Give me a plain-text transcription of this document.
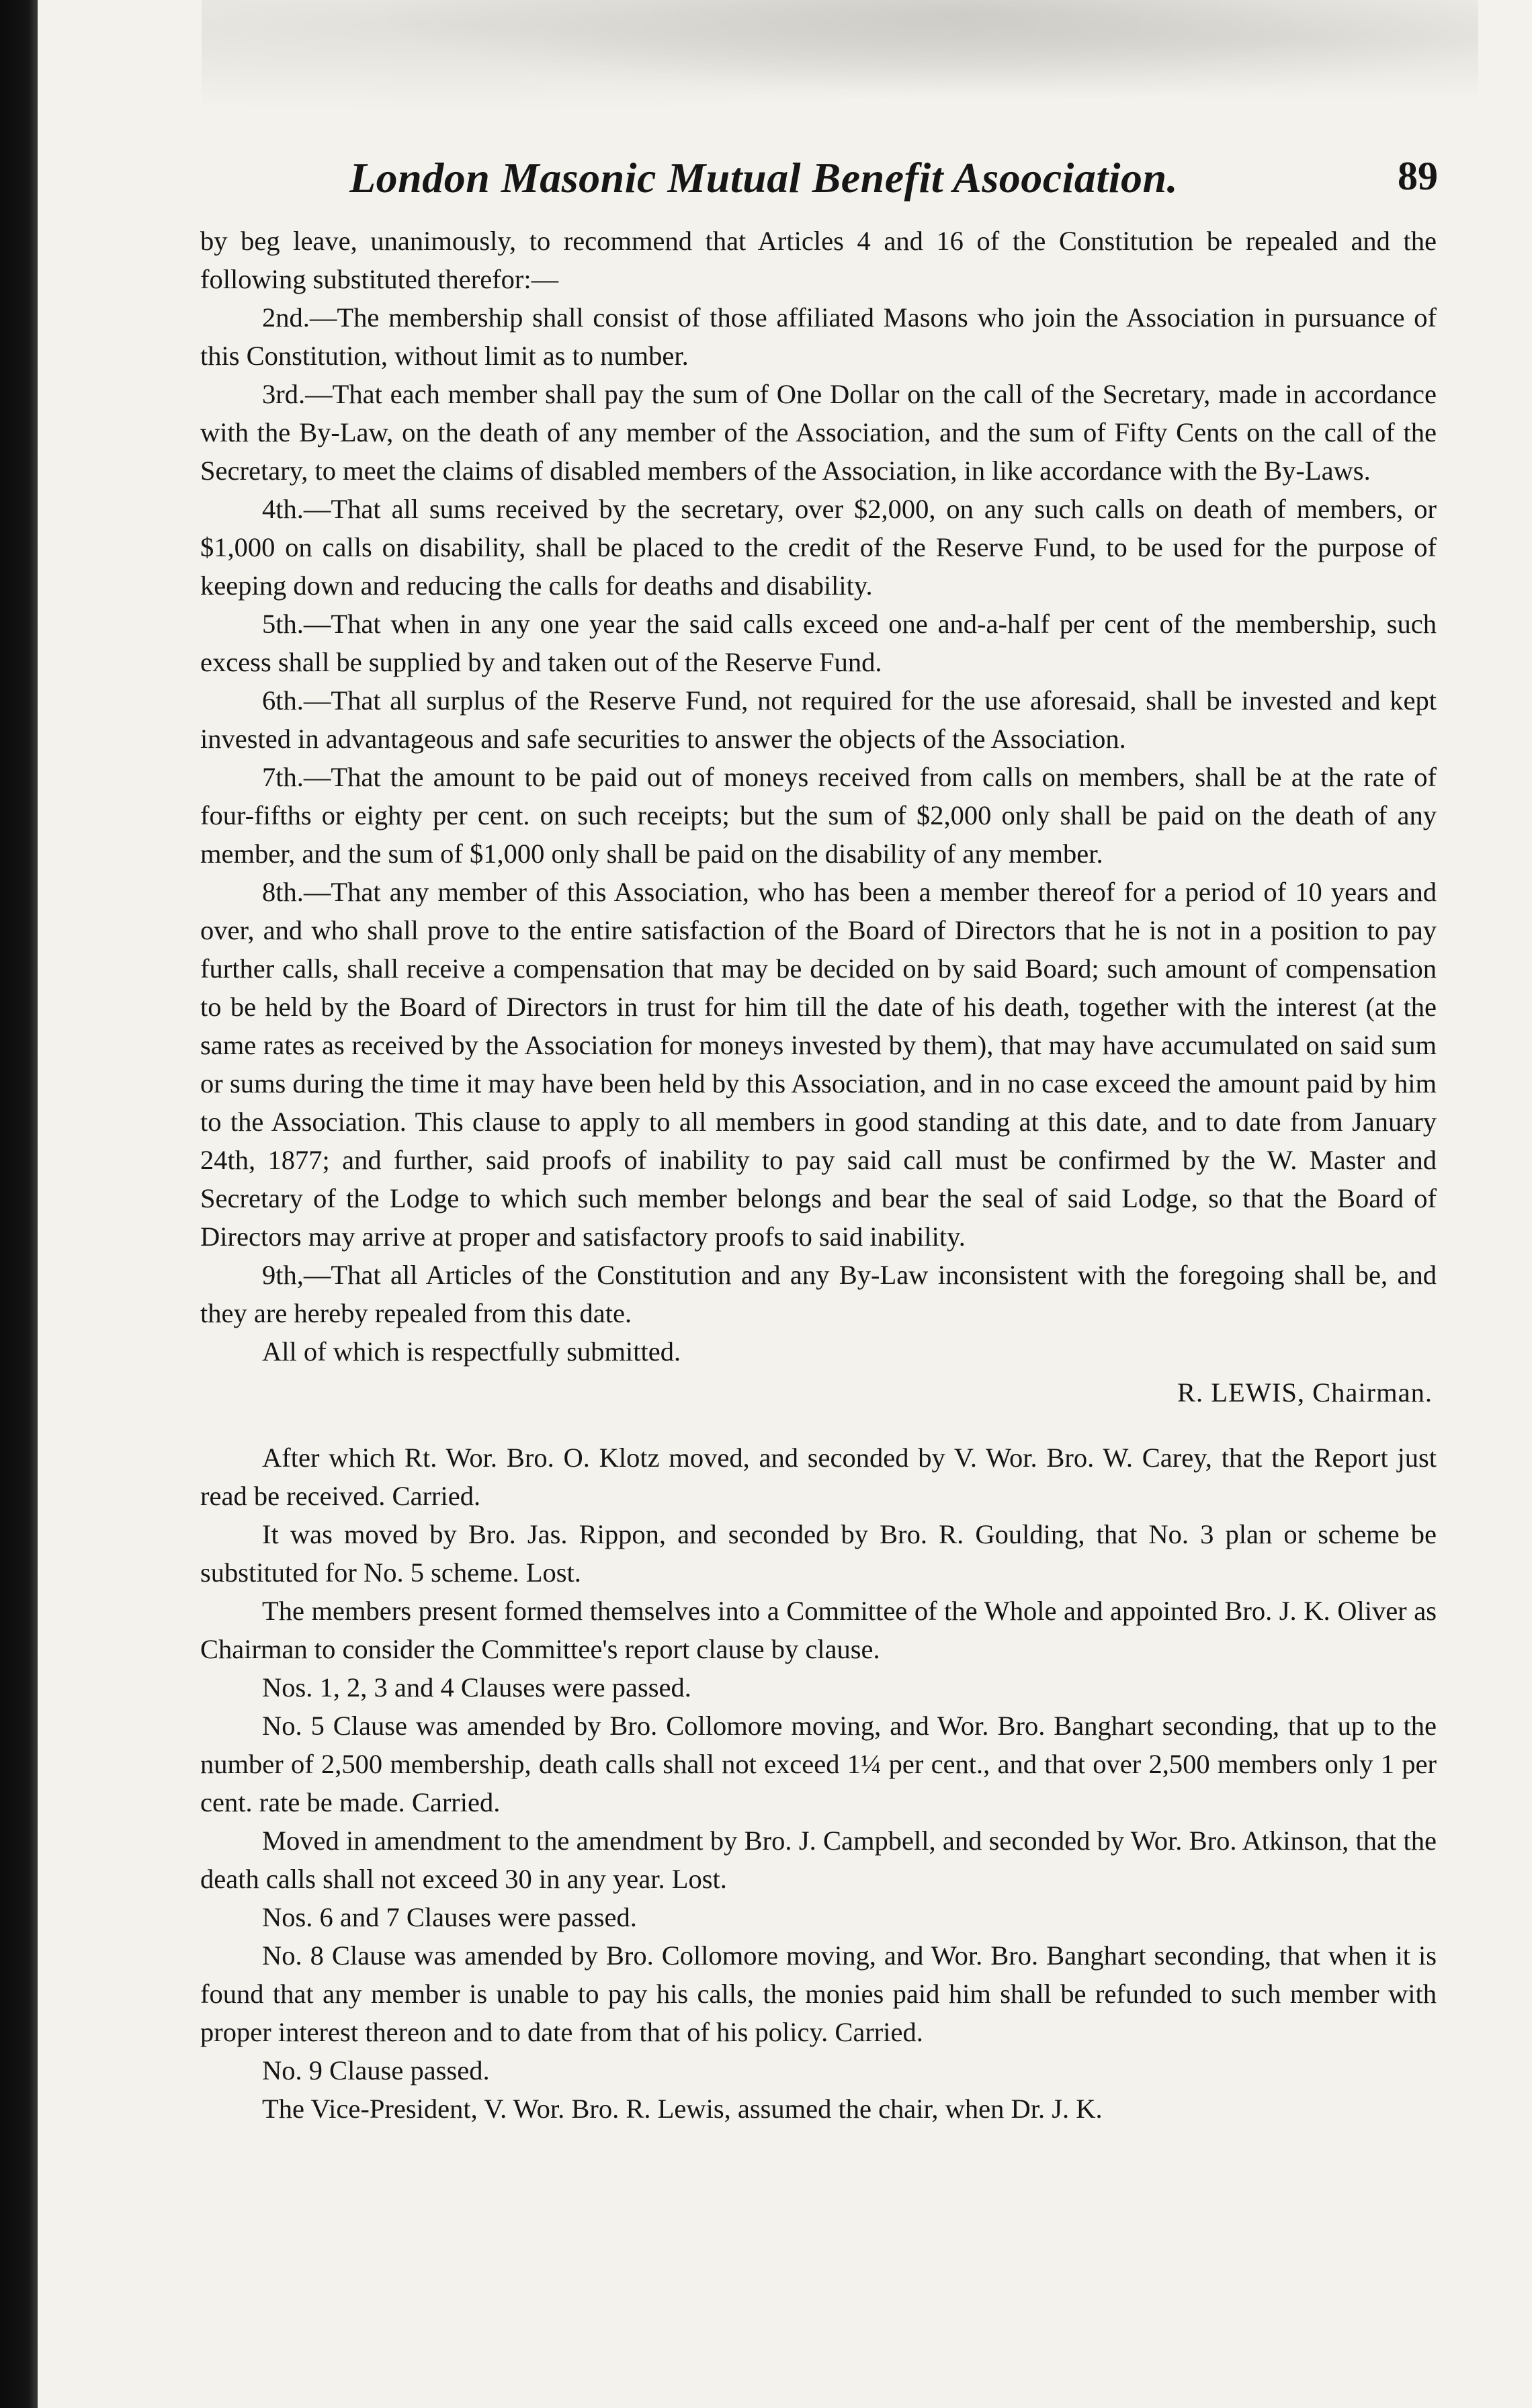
London Masonic Mutual Benefit Asoociation.	89

by beg leave, unanimously, to recommend that Articles 4 and 16 of the Constitution be repealed and the following substituted therefor:—

2nd.—The membership shall consist of those affiliated Masons who join the Association in pursuance of this Constitution, without limit as to number.

3rd.—That each member shall pay the sum of One Dollar on the call of the Secretary, made in accordance with the By-Law, on the death of any member of the Association, and the sum of Fifty Cents on the call of the Secretary, to meet the claims of disabled members of the Association, in like accordance with the By-Laws.

4th.—That all sums received by the secretary, over $2,000, on any such calls on death of members, or $1,000 on calls on disability, shall be placed to the credit of the Reserve Fund, to be used for the purpose of keeping down and reducing the calls for deaths and disability.

5th.—That when in any one year the said calls exceed one and-a-half per cent of the membership, such excess shall be supplied by and taken out of the Reserve Fund.

6th.—That all surplus of the Reserve Fund, not required for the use aforesaid, shall be invested and kept invested in advantageous and safe securities to answer the objects of the Association.

7th.—That the amount to be paid out of moneys received from calls on members, shall be at the rate of four-fifths or eighty per cent. on such receipts; but the sum of $2,000 only shall be paid on the death of any member, and the sum of $1,000 only shall be paid on the disability of any member.

8th.—That any member of this Association, who has been a member thereof for a period of 10 years and over, and who shall prove to the entire satisfaction of the Board of Directors that he is not in a position to pay further calls, shall receive a compensation that may be decided on by said Board; such amount of compensation to be held by the Board of Directors in trust for him till the date of his death, together with the interest (at the same rates as received by the Association for moneys invested by them), that may have accumulated on said sum or sums during the time it may have been held by this Association, and in no case exceed the amount paid by him to the Association. This clause to apply to all members in good standing at this date, and to date from January 24th, 1877; and further, said proofs of inability to pay said call must be confirmed by the W. Master and Secretary of the Lodge to which such member belongs and bear the seal of said Lodge, so that the Board of Directors may arrive at proper and satisfactory proofs to said inability.

9th,—That all Articles of the Constitution and any By-Law inconsistent with the foregoing shall be, and they are hereby repealed from this date.

All of which is respectfully submitted.

R. LEWIS, Chairman.

After which Rt. Wor. Bro. O. Klotz moved, and seconded by V. Wor. Bro. W. Carey, that the Report just read be received. Carried.

It was moved by Bro. Jas. Rippon, and seconded by Bro. R. Goulding, that No. 3 plan or scheme be substituted for No. 5 scheme. Lost.

The members present formed themselves into a Committee of the Whole and appointed Bro. J. K. Oliver as Chairman to consider the Committee's report clause by clause.

Nos. 1, 2, 3 and 4 Clauses were passed.

No. 5 Clause was amended by Bro. Collomore moving, and Wor. Bro. Banghart seconding, that up to the number of 2,500 membership, death calls shall not exceed 1¼ per cent., and that over 2,500 members only 1 per cent. rate be made. Carried.

Moved in amendment to the amendment by Bro. J. Campbell, and seconded by Wor. Bro. Atkinson, that the death calls shall not exceed 30 in any year. Lost.

Nos. 6 and 7 Clauses were passed.

No. 8 Clause was amended by Bro. Collomore moving, and Wor. Bro. Banghart seconding, that when it is found that any member is unable to pay his calls, the monies paid him shall be refunded to such member with proper interest thereon and to date from that of his policy. Carried.

No. 9 Clause passed.

The Vice-President, V. Wor. Bro. R. Lewis, assumed the chair, when Dr. J. K.
